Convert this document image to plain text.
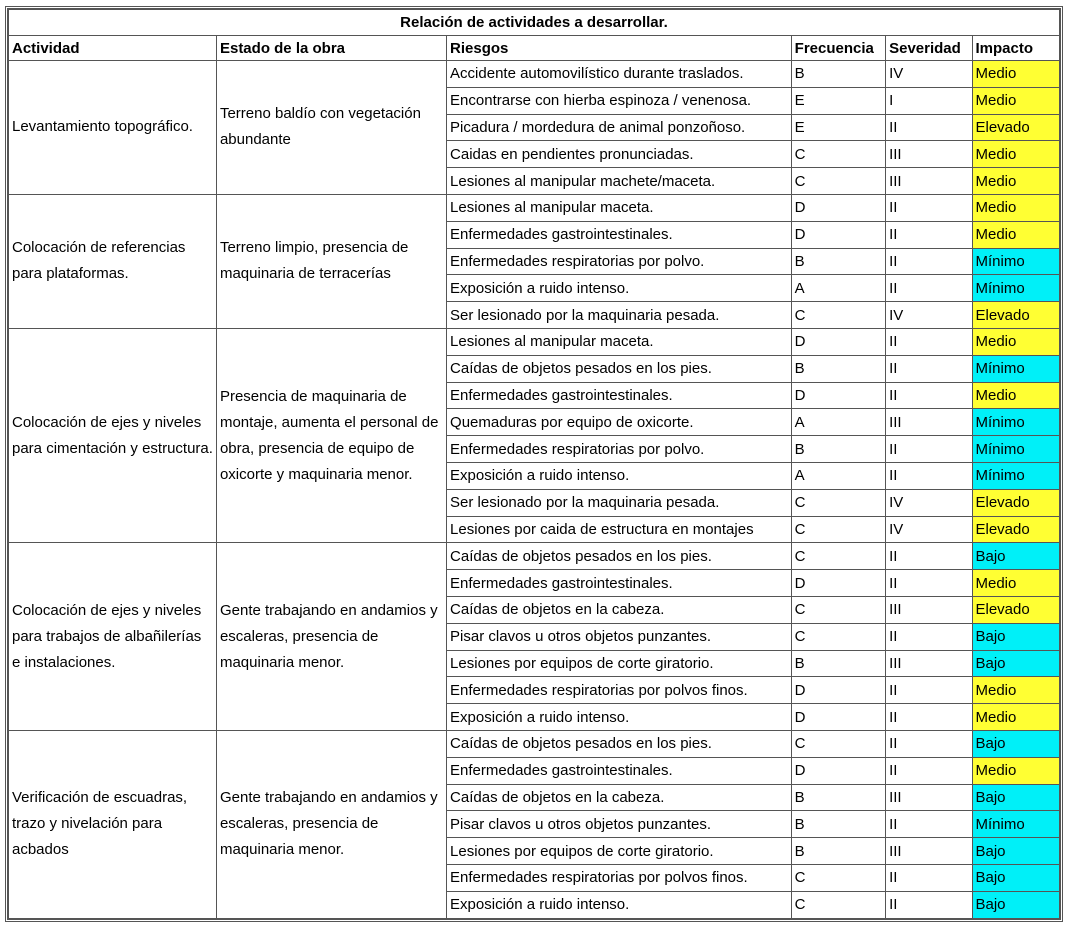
Relación de actividades a desarrollar.					
Actividad	Estado de la obra	Riesgos	Frecuencia	Severidad	Impacto
Levantamiento topográfico.	Terreno baldío con vegetación abundante	Accidente automovilístico durante traslados.	B	IV	Medio
		Encontrarse con hierba espinoza / venenosa.	E	I	Medio
		Picadura / mordedura de animal ponzoñoso.	E	II	Elevado
		Caidas en pendientes pronunciadas.	C	III	Medio
		Lesiones al manipular machete/maceta.	C	III	Medio
Colocación de referencias para plataformas.	Terreno limpio, presencia de maquinaria de terracerías	Lesiones al manipular maceta.	D	II	Medio
		Enfermedades gastrointestinales.	D	II	Medio
		Enfermedades respiratorias por polvo.	B	II	Mínimo
		Exposición a ruido intenso.	A	II	Mínimo
		Ser lesionado por la maquinaria pesada.	C	IV	Elevado
Colocación de ejes y niveles para cimentación y estructura.	Presencia de maquinaria de montaje, aumenta el personal de obra, presencia de equipo de oxicorte y maquinaria menor.	Lesiones al manipular maceta.	D	II	Medio
		Caídas de objetos pesados en los pies.	B	II	Mínimo
		Enfermedades gastrointestinales.	D	II	Medio
		Quemaduras por equipo de oxicorte.	A	III	Mínimo
		Enfermedades respiratorias por polvo.	B	II	Mínimo
		Exposición a ruido intenso.	A	II	Mínimo
		Ser lesionado por la maquinaria pesada.	C	IV	Elevado
		Lesiones por caida de estructura en montajes	C	IV	Elevado
Colocación de ejes y niveles para trabajos de albañilerías e instalaciones.	Gente trabajando en andamios y escaleras, presencia de maquinaria menor.	Caídas de objetos pesados en los pies.	C	II	Bajo
		Enfermedades gastrointestinales.	D	II	Medio
		Caídas de objetos en la cabeza.	C	III	Elevado
		Pisar clavos u otros objetos punzantes.	C	II	Bajo
		Lesiones por equipos de corte giratorio.	B	III	Bajo
		Enfermedades respiratorias por polvos finos.	D	II	Medio
		Exposición a ruido intenso.	D	II	Medio
Verificación de escuadras, trazo y nivelación para acbados	Gente trabajando en andamios y escaleras, presencia de maquinaria menor.	Caídas de objetos pesados en los pies.	C	II	Bajo
		Enfermedades gastrointestinales.	D	II	Medio
		Caídas de objetos en la cabeza.	B	III	Bajo
		Pisar clavos u otros objetos punzantes.	B	II	Mínimo
		Lesiones por equipos de corte giratorio.	B	III	Bajo
		Enfermedades respiratorias por polvos finos.	C	II	Bajo
		Exposición a ruido intenso.	C	II	Bajo
